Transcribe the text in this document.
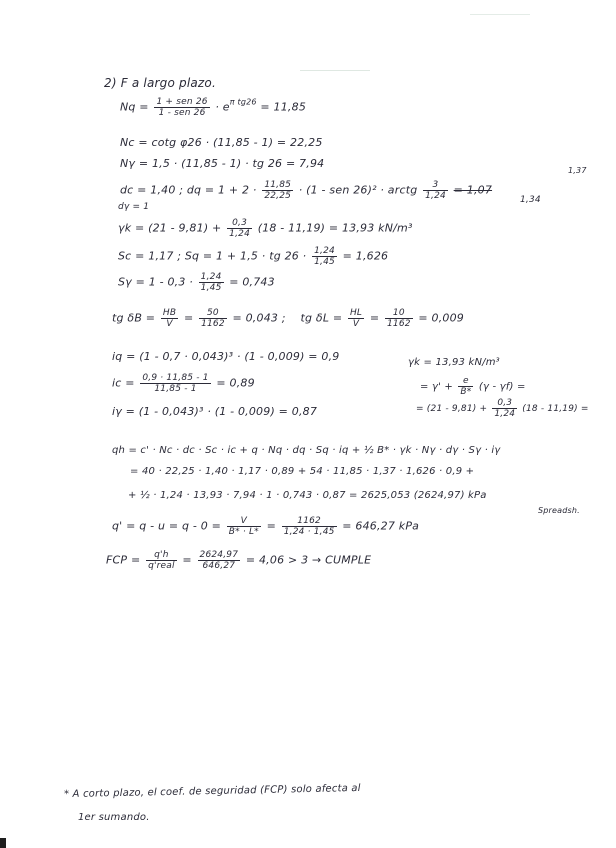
2) F a largo plazo.
$Nq = \frac{\text{1 + sen 26}}{\text{1 - sen 26}} \cdot e^{\pi tg26} = 11,85$
Nc = cotg φ26 · (11,85 - 1) = 22,25
Nγ = 1,5 · (11,85 - 1) · tg 26 = 7,94
dc = 1,40 ; dq = $1 + 2 \cdot \frac{11,85}{22,25} \cdot (1$ - sen 26)² · arctg $\frac{3}{1,24} = 1,07$
1,34
1,37
dγ = 1
$\gamma k = (21 - 9,81) + \frac{0,3}{1,24} (18 - 11,19) = 13,93$ kN/m³
Sc = 1,17 ; Sq = 1 + 1,5 · tg $26 \cdot \frac{1,24}{1,45} = 1,626$
$S\gamma = 1 - 0,3 \cdot \frac{1,24}{1,45} = 0,743$
tg $\delta B = \frac{HB}{V} = \frac{50}{1162} = 0,043$ ; tg $\delta L = \frac{HL}{V} = \frac{10}{1162} = 0,009$
iq = (1 - 0,7 · 0,043)³ · (1 - 0,009) = 0,9
ic = $\frac{0,9 \cdot 11,85 - 1}{11,85 - 1} = 0,89$
iγ = (1 - 0,043)³ · (1 - 0,009) = 0,87
γk = 13,93 kN/m³
= $\gamma' + \frac{e}{B*} (\gamma - \gamma f)$ =
= $(21 - 9,81) + \frac{0,3}{1,24} (18 - 11,19)$ =
qh = c' · Nc · dc · Sc · ic + q · Nq · dq · Sq · iq + ½ B* · γk · Nγ · dγ · Sγ · iγ
= 40 · 22,25 · 1,40 · 1,17 · 0,89 + 54 · 11,85 · 1,37 · 1,626 · 0,9 +
+ ½ · 1,24 · 13,93 · 7,94 · 1 · 0,743 · 0,87 = 2625,053 (2624,97) kPa
Spreadsh.
$q' = q - u = q - 0 = \frac{V}{B* \cdot L*} = \frac{1162}{1,24 \cdot 1,45} = 646,27$ kPa
FCP = $\frac{q'h}{\text{q'real}} = \frac{2624,97}{646,27} = 4,06 > 3$ → CUMPLE
* A corto plazo, el coef. de seguridad (FCP) solo afecta al
1er sumando.
